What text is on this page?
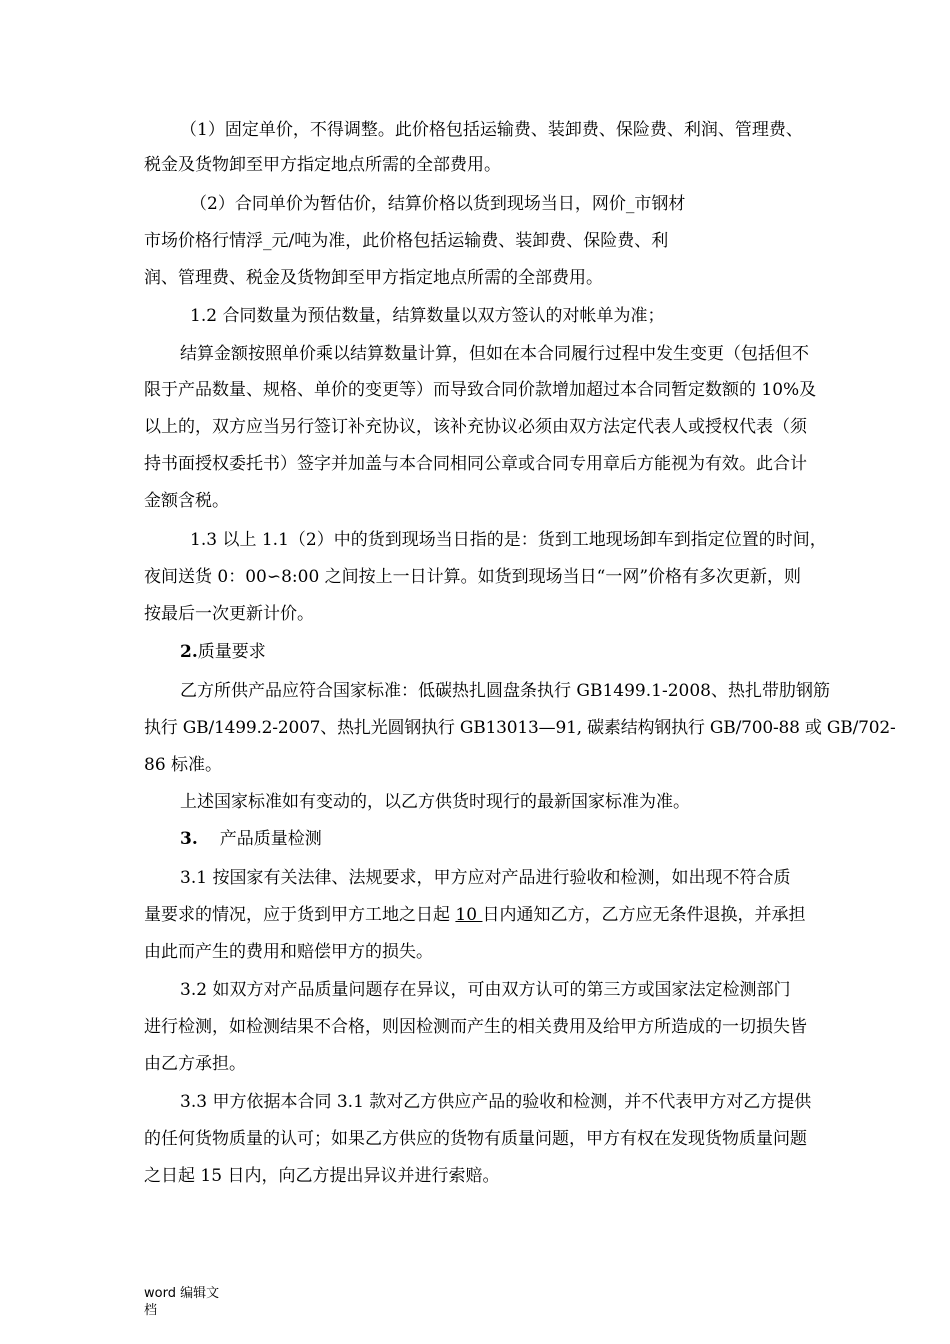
（1）固定单价，不得调整。此价格包括运输费、装卸费、保险费、利润、管理费、
税金及货物卸至甲方指定地点所需的全部费用。
（2）合同单价为暂估价，结算价格以货到现场当日，网价_市钢材
市场价格行情浮_元/吨为准，此价格包括运输费、装卸费、保险费、利
润、管理费、税金及货物卸至甲方指定地点所需的全部费用。
1.2 合同数量为预估数量，结算数量以双方签认的对帐单为准；
结算金额按照单价乘以结算数量计算，但如在本合同履行过程中发生变更（包括但不
限于产品数量、规格、单价的变更等）而导致合同价款增加超过本合同暂定数额的 10%及
以上的，双方应当另行签订补充协议，该补充协议必须由双方法定代表人或授权代表（须
持书面授权委托书）签字并加盖与本合同相同公章或合同专用章后方能视为有效。此合计
金额含税。
1.3 以上 1.1（2）中的货到现场当日指的是：货到工地现场卸车到指定位置的时间，
夜间送货 0：00∽8:00 之间按上一日计算。如货到现场当日“一网”价格有多次更新，则
按最后一次更新计价。
2.质量要求
乙方所供产品应符合国家标准：低碳热扎圆盘条执行 GB1499.1-2008、热扎带肋钢筋
执行 GB/1499.2-2007、热扎光圆钢执行 GB13013—91, 碳素结构钢执行 GB/700-88 或 GB/702-
86 标准。
上述国家标准如有变动的，以乙方供货时现行的最新国家标准为准。
3. 产品质量检测
3.1 按国家有关法律、法规要求，甲方应对产品进行验收和检测，如出现不符合质
量要求的情况，应于货到甲方工地之日起 10 日内通知乙方，乙方应无条件退换，并承担
由此而产生的费用和赔偿甲方的损失。
3.2 如双方对产品质量问题存在异议，可由双方认可的第三方或国家法定检测部门
进行检测，如检测结果不合格，则因检测而产生的相关费用及给甲方所造成的一切损失皆
由乙方承担。
3.3 甲方依据本合同 3.1 款对乙方供应产品的验收和检测，并不代表甲方对乙方提供
的任何货物质量的认可；如果乙方供应的货物有质量问题，甲方有权在发现货物质量问题
之日起 15 日内，向乙方提出异议并进行索赔。
word 编辑文
档
